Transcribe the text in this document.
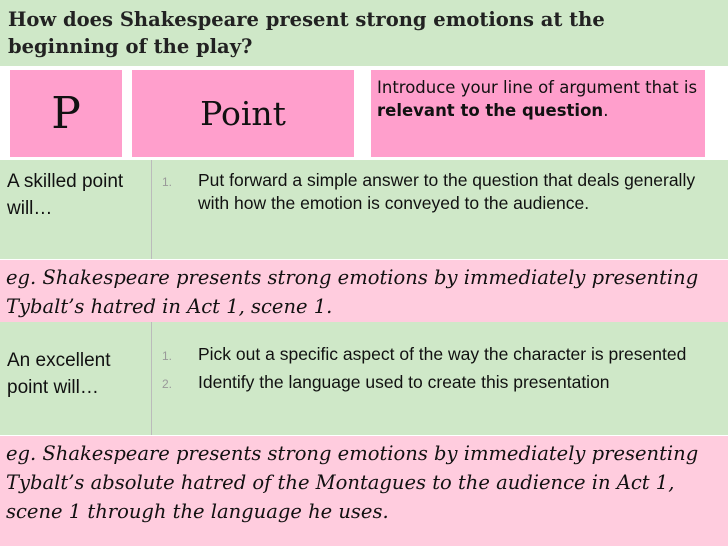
How does Shakespeare present strong emotions at the beginning of the play?
P	Point
Introduce your line of argument that is relevant to the question.
A skilled point will…
1. Put forward a simple answer to the question that deals generally with how the emotion is conveyed to the audience.
eg. Shakespeare presents strong emotions by immediately presenting Tybalt’s hatred in Act 1, scene 1.
An excellent point will…
1. Pick out a specific aspect of the way the character is presented
2. Identify the language used to create this presentation
eg. Shakespeare presents strong emotions by immediately presenting Tybalt’s absolute hatred of the Montagues to the audience in Act 1, scene 1 through the language he uses.
